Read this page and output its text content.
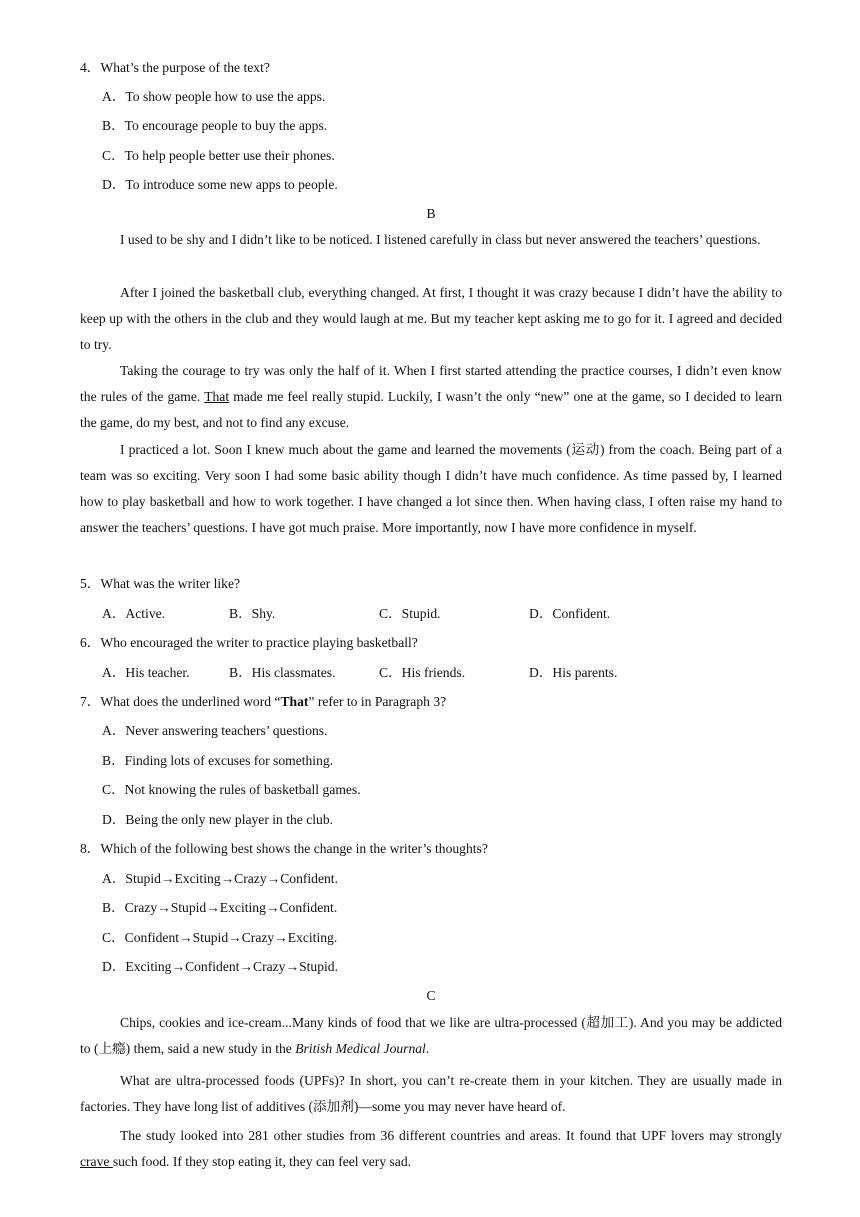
4．What’s the purpose of the text?
A．To show people how to use the apps.
B．To encourage people to buy the apps.
C．To help people better use their phones.
D．To introduce some new apps to people.
B
I used to be shy and I didn’t like to be noticed. I listened carefully in class but never answered the teachers’ questions.
After I joined the basketball club, everything changed. At first, I thought it was crazy because I didn’t have the ability to keep up with the others in the club and they would laugh at me. But my teacher kept asking me to go for it. I agreed and decided to try.
Taking the courage to try was only the half of it. When I first started attending the practice courses, I didn’t even know the rules of the game. That made me feel really stupid. Luckily, I wasn’t the only “new” one at the game, so I decided to learn the game, do my best, and not to find any excuse.
I practiced a lot. Soon I knew much about the game and learned the movements (运动) from the coach. Being part of a team was so exciting. Very soon I had some basic ability though I didn’t have much confidence. As time passed by, I learned how to play basketball and how to work together. I have changed a lot since then. When having class, I often raise my hand to answer the teachers’ questions. I have got much praise. More importantly, now I have more confidence in myself.
5．What was the writer like?
A．Active.	B．Shy.	C．Stupid.	D．Confident.
6．Who encouraged the writer to practice playing basketball?
A．His teacher.	B．His classmates.	C．His friends.	D．His parents.
7．What does the underlined word “That” refer to in Paragraph 3?
A．Never answering teachers’ questions.
B．Finding lots of excuses for something.
C．Not knowing the rules of basketball games.
D．Being the only new player in the club.
8．Which of the following best shows the change in the writer’s thoughts?
A．Stupid→Exciting→Crazy→Confident.
B．Crazy→Stupid→Exciting→Confident.
C．Confident→Stupid→Crazy→Exciting.
D．Exciting→Confident→Crazy→Stupid.
C
Chips, cookies and ice-cream...Many kinds of food that we like are ultra-processed (超加工). And you may be addicted to (上瘾) them, said a new study in the British Medical Journal.
What are ultra-processed foods (UPFs)? In short, you can’t re-create them in your kitchen. They are usually made in factories. They have long list of additives (添加剂)—some you may never have heard of.
The study looked into 281 other studies from 36 different countries and areas. It found that UPF lovers may strongly crave such food. If they stop eating it, they can feel very sad.
